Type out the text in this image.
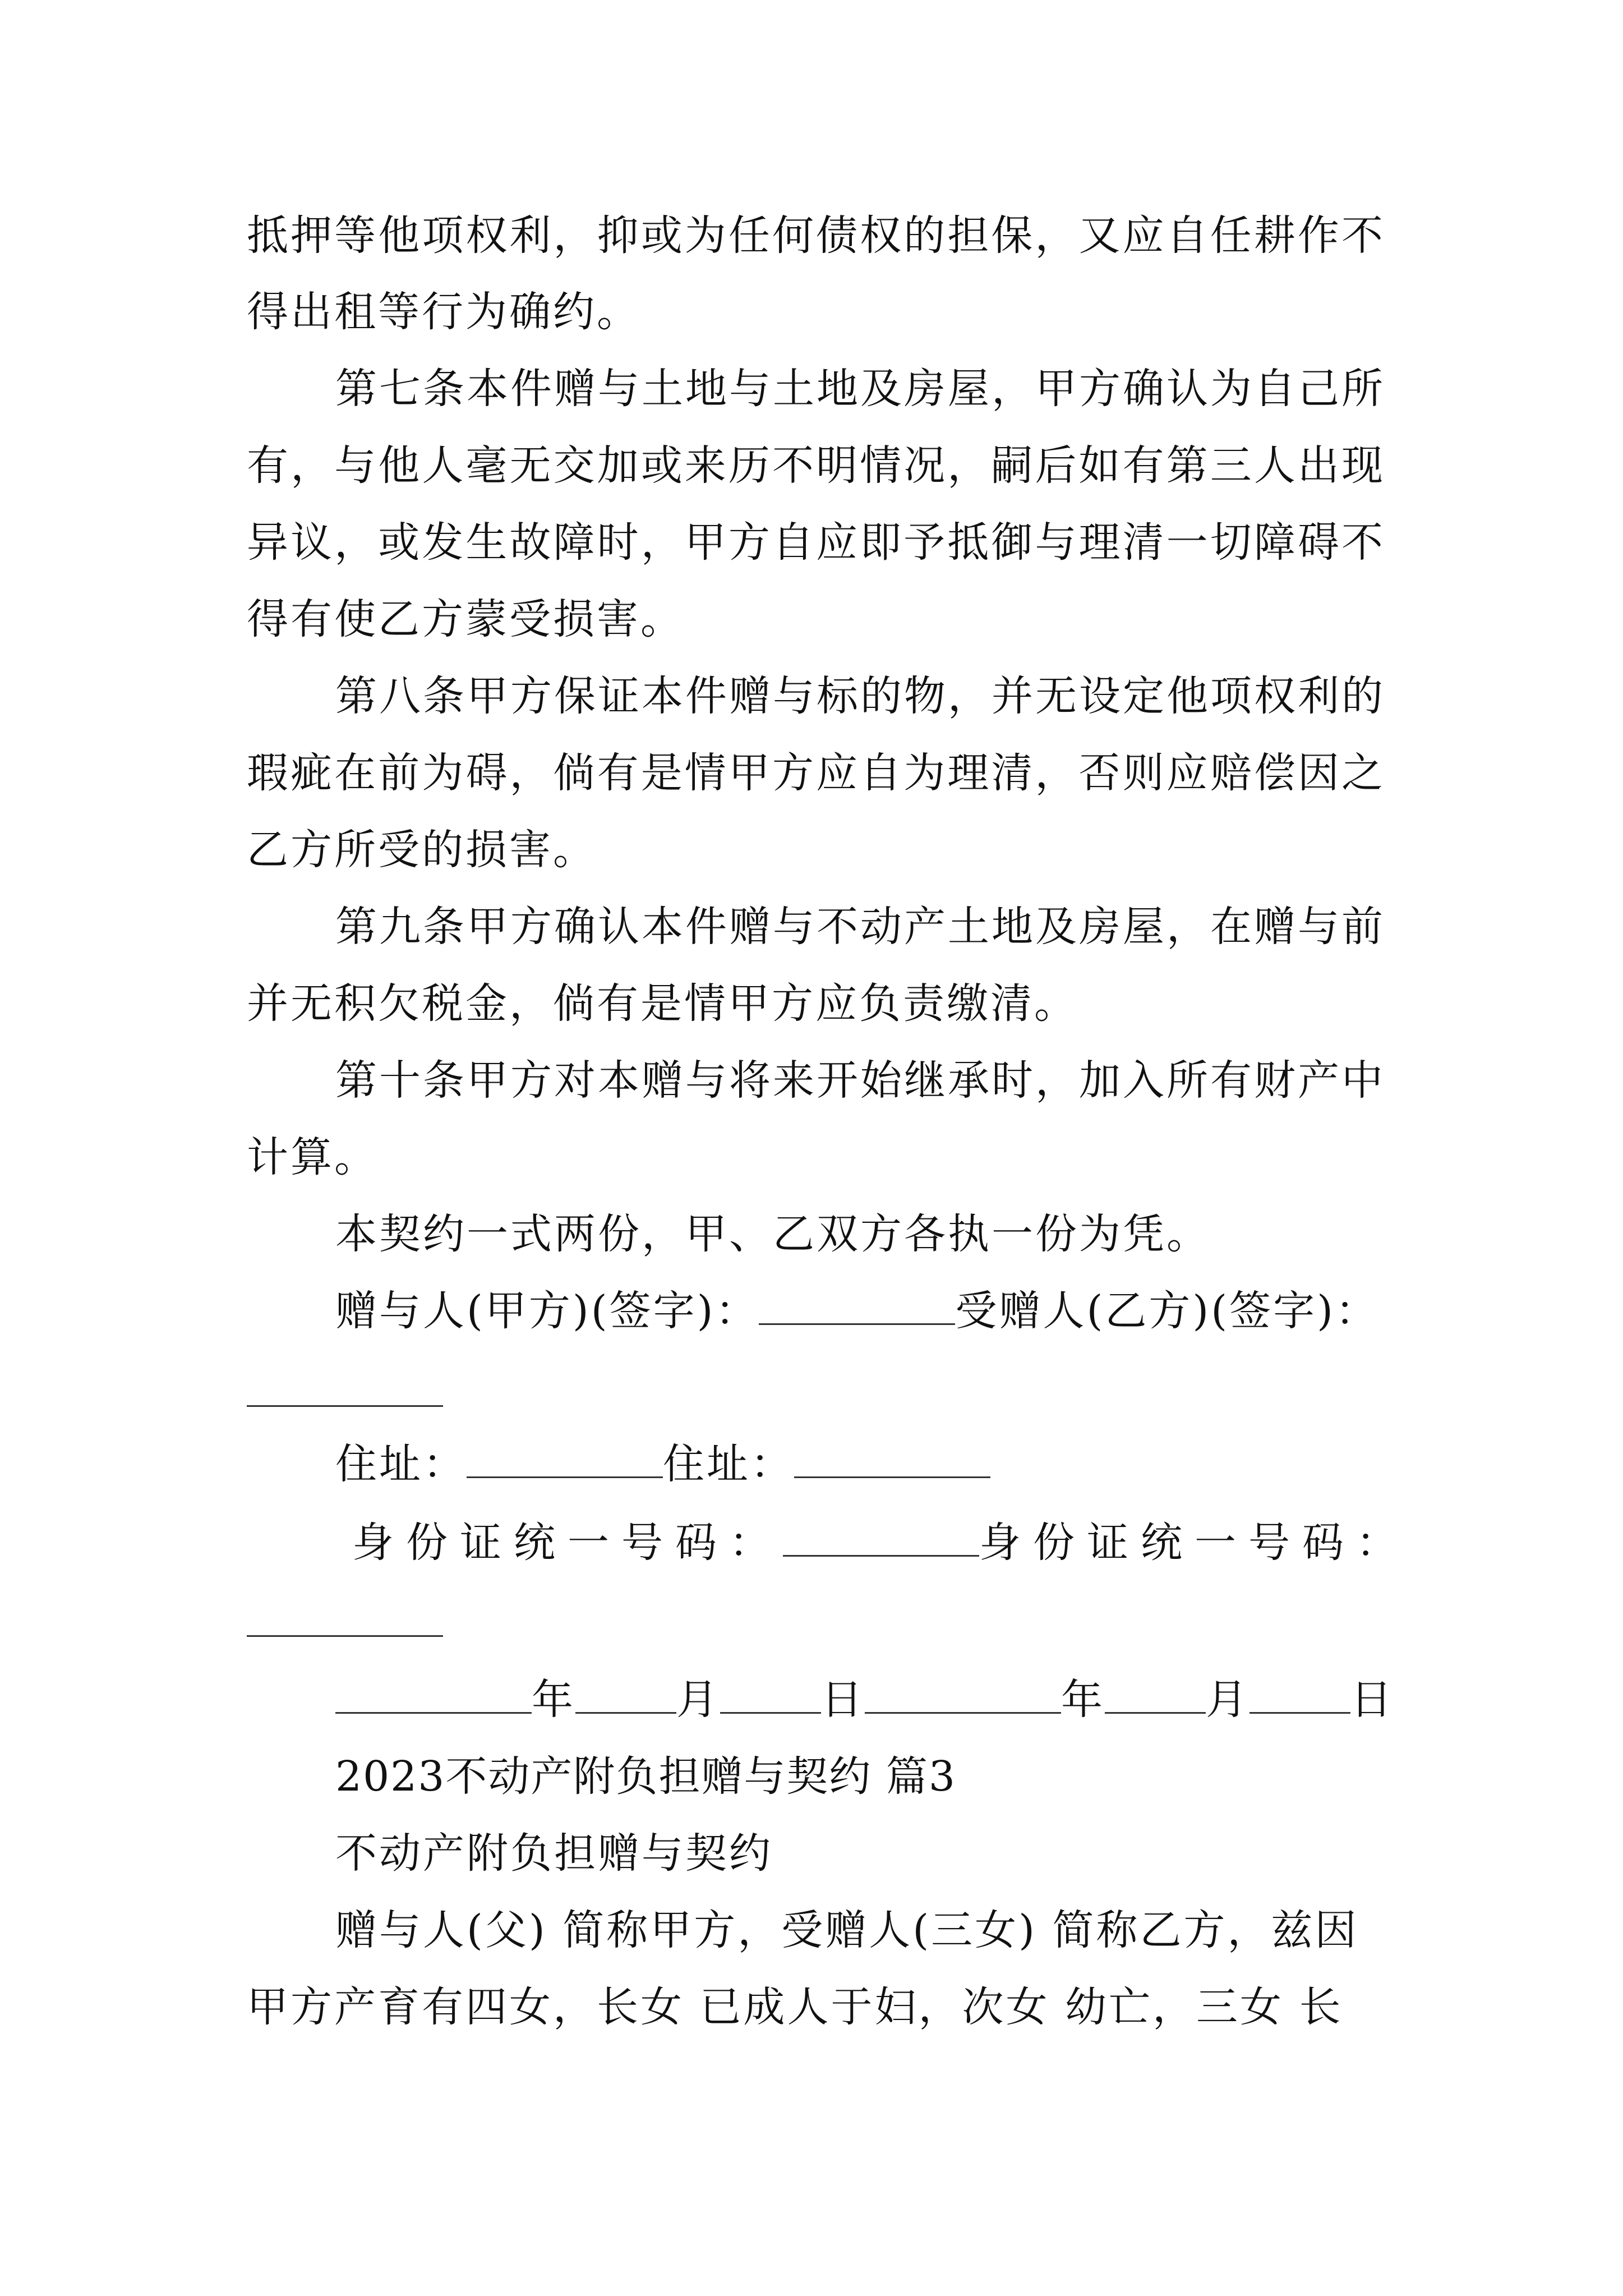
抵押等他项权利，抑或为任何债权的担保，又应自任耕作不
得出租等行为确约。
第七条本件赠与土地与土地及房屋，甲方确认为自己所
有，与他人毫无交加或来历不明情况，嗣后如有第三人出现
异议，或发生故障时，甲方自应即予抵御与理清一切障碍不
得有使乙方蒙受损害。
第八条甲方保证本件赠与标的物，并无设定他项权利的
瑕疵在前为碍，倘有是情甲方应自为理清，否则应赔偿因之
乙方所受的损害。
第九条甲方确认本件赠与不动产土地及房屋，在赠与前
并无积欠税金，倘有是情甲方应负责缴清。
第十条甲方对本赠与将来开始继承时，加入所有财产中
计算。
本契约一式两份，甲、乙双方各执一份为凭。
赠与人(甲方)(签字)：	受赠人(乙方)(签字)：
住址：	住址：
身份证统一号码：	身份证统一号码：
年 月 日	年 月 日
2023不动产附负担赠与契约 篇3
不动产附负担赠与契约
赠与人(父) 简称甲方，受赠人(三女) 简称乙方，兹因
甲方产育有四女，长女 已成人于妇，次女 幼亡，三女 长
